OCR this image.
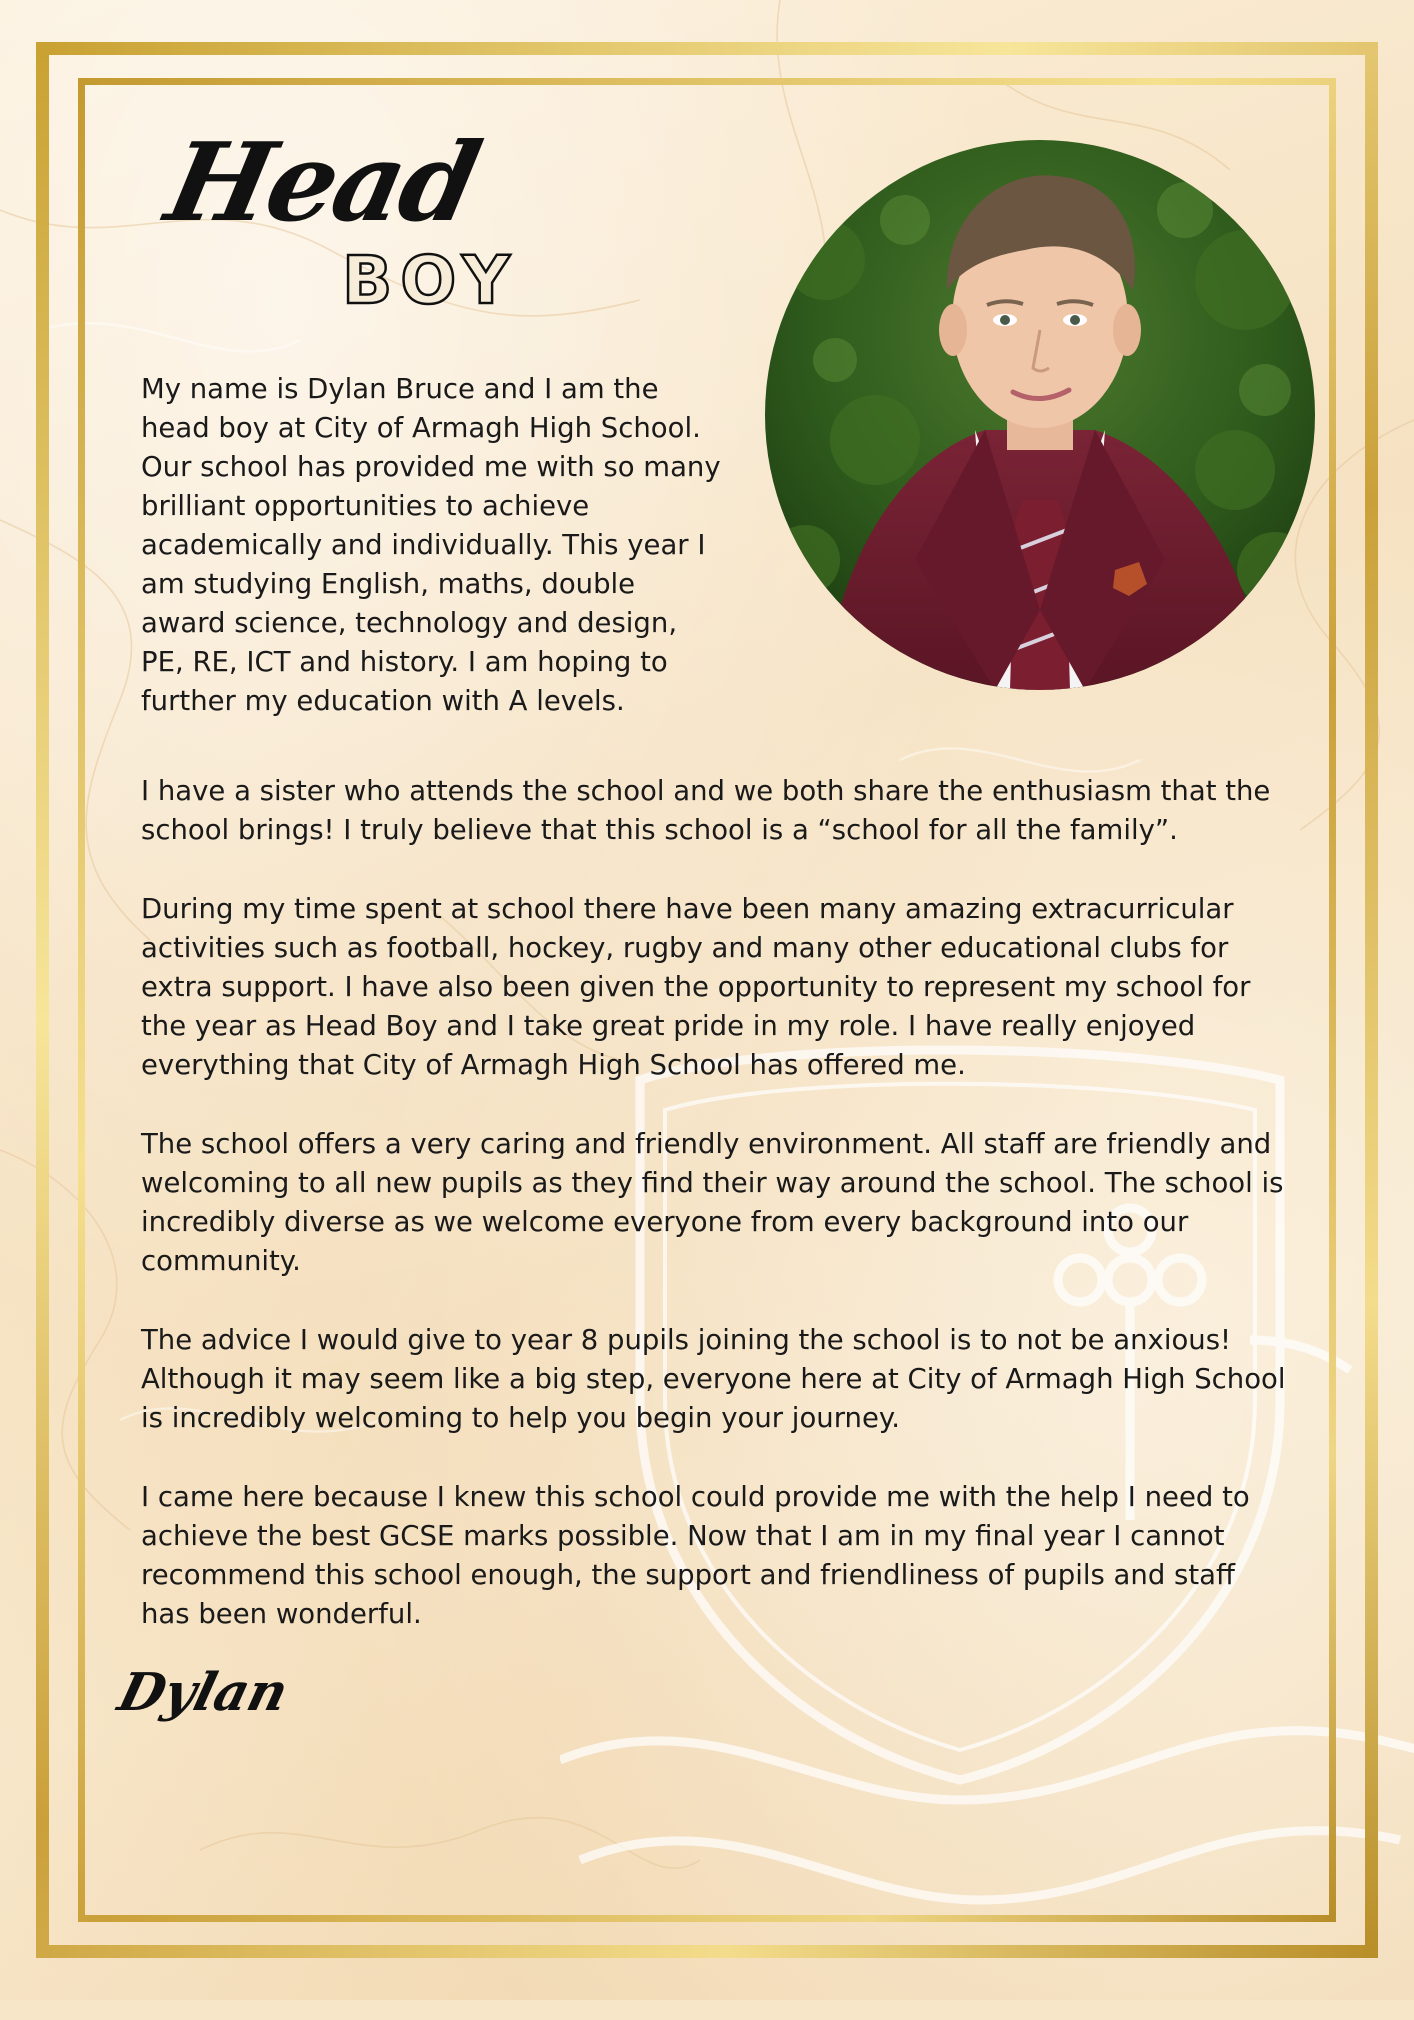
Head
BOY

My name is Dylan Bruce and I am the head boy at City of Armagh High School. Our school has provided me with so many brilliant opportunities to achieve academically and individually. This year I am studying English, maths, double award science, technology and design, PE, RE, ICT and history. I am hoping to further my education with A levels.

I have a sister who attends the school and we both share the enthusiasm that the school brings! I truly believe that this school is a “school for all the family”.

During my time spent at school there have been many amazing extracurricular activities such as football, hockey, rugby and many other educational clubs for extra support. I have also been given the opportunity to represent my school for the year as Head Boy and I take great pride in my role. I have really enjoyed everything that City of Armagh High School has offered me.

The school offers a very caring and friendly environment. All staff are friendly and welcoming to all new pupils as they find their way around the school. The school is incredibly diverse as we welcome everyone from every background into our community.

The advice I would give to year 8 pupils joining the school is to not be anxious! Although it may seem like a big step, everyone here at City of Armagh High School is incredibly welcoming to help you begin your journey.

I came here because I knew this school could provide me with the help I need to achieve the best GCSE marks possible. Now that I am in my final year I cannot recommend this school enough, the support and friendliness of pupils and staff has been wonderful.

Dylan
